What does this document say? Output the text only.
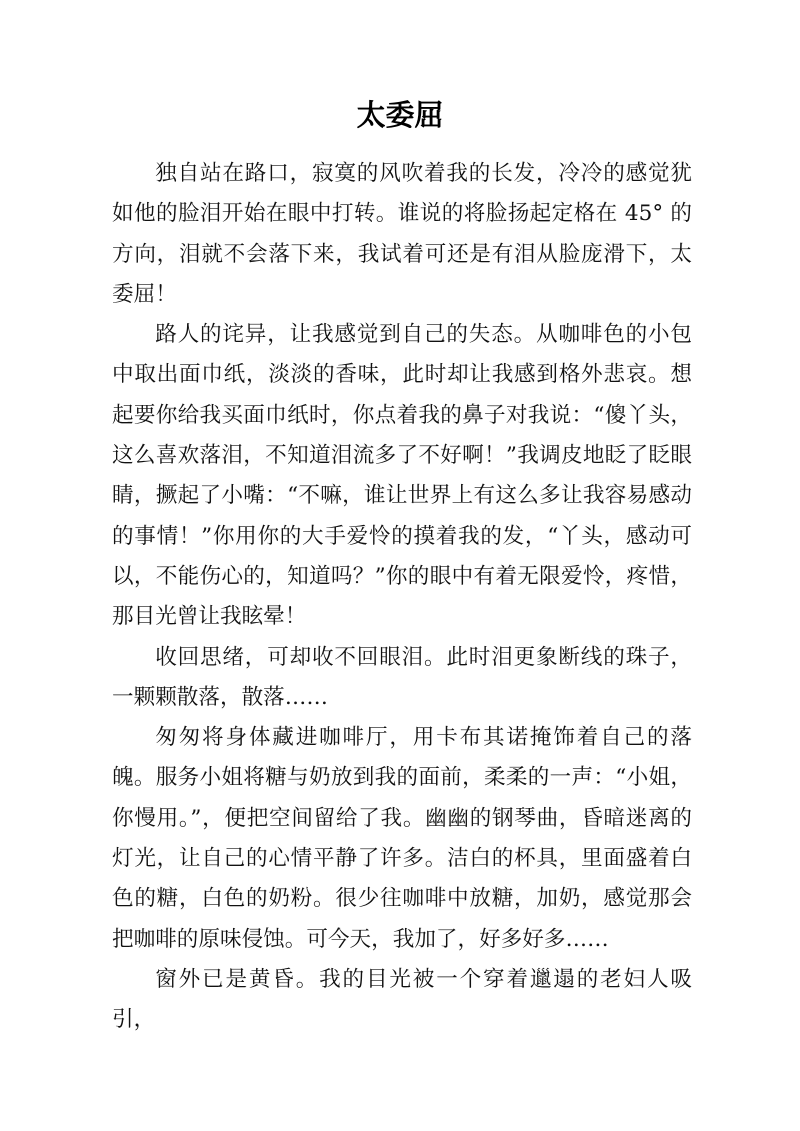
太委屈

独自站在路口，寂寞的风吹着我的长发，冷冷的感觉犹如他的脸泪开始在眼中打转。谁说的将脸扬起定格在 45° 的方向，泪就不会落下来，我试着可还是有泪从脸庞滑下，太委屈！

路人的诧异，让我感觉到自己的失态。从咖啡色的小包中取出面巾纸，淡淡的香味，此时却让我感到格外悲哀。想起要你给我买面巾纸时，你点着我的鼻子对我说：“傻丫头，这么喜欢落泪，不知道泪流多了不好啊！”我调皮地眨了眨眼睛，撅起了小嘴：“不嘛，谁让世界上有这么多让我容易感动的事情！”你用你的大手爱怜的摸着我的发，“丫头，感动可以，不能伤心的，知道吗？”你的眼中有着无限爱怜，疼惜，那目光曾让我眩晕！

收回思绪，可却收不回眼泪。此时泪更象断线的珠子，一颗颗散落，散落……

匆匆将身体藏进咖啡厅，用卡布其诺掩饰着自己的落魄。服务小姐将糖与奶放到我的面前，柔柔的一声：“小姐，你慢用。”，便把空间留给了我。幽幽的钢琴曲，昏暗迷离的灯光，让自己的心情平静了许多。洁白的杯具，里面盛着白色的糖，白色的奶粉。很少往咖啡中放糖，加奶，感觉那会把咖啡的原味侵蚀。可今天，我加了，好多好多……

窗外已是黄昏。我的目光被一个穿着邋遢的老妇人吸引，
